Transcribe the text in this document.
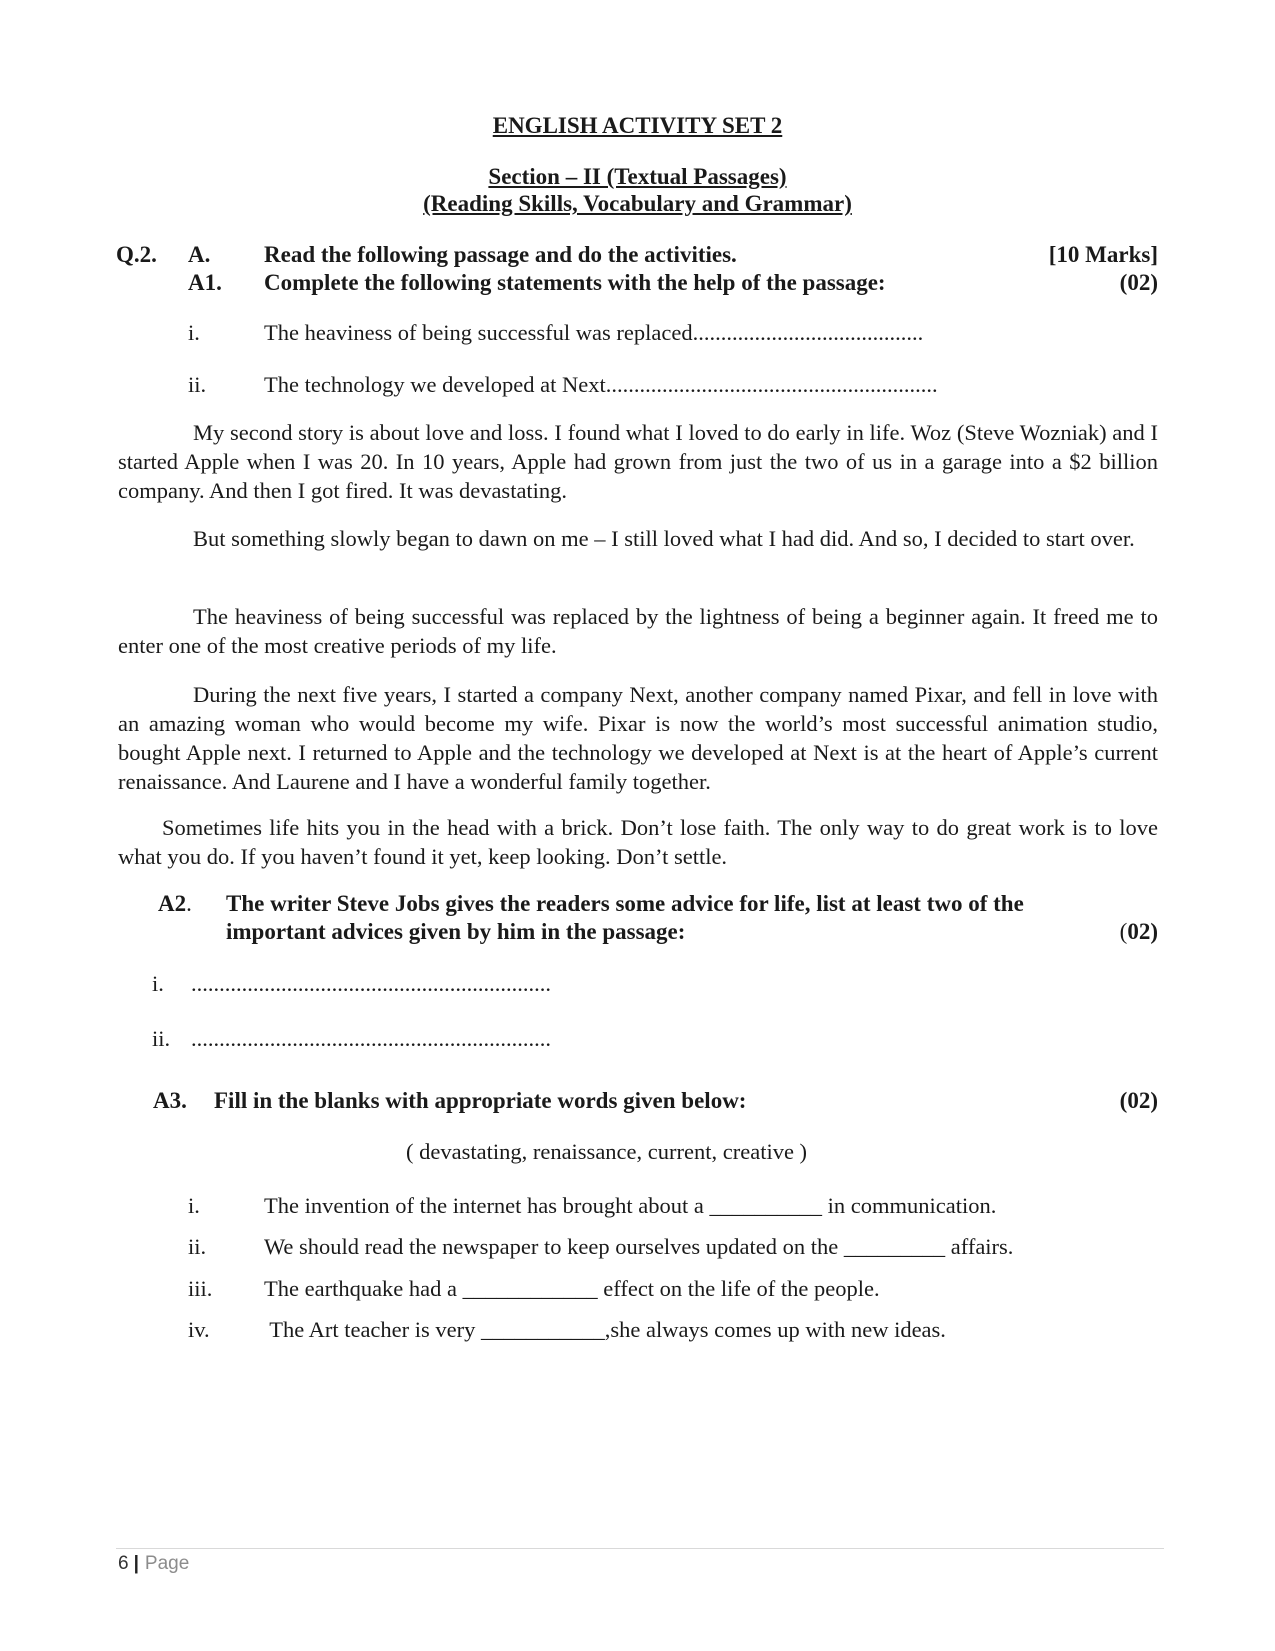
ENGLISH ACTIVITY SET 2
Section – II (Textual Passages)
(Reading Skills, Vocabulary and Grammar)
Q.2. A. Read the following passage and do the activities.	[10 Marks]
A1. Complete the following statements with the help of the passage:	(02)
i.	The heaviness of being successful was replaced.........................................
ii.	The technology we developed at Next...........................................................
My second story is about love and loss. I found what I loved to do early in life. Woz (Steve Wozniak) and I started Apple when I was 20. In 10 years, Apple had grown from just the two of us in a garage into a $2 billion company. And then I got fired. It was devastating.
But something slowly began to dawn on me – I still loved what I had did. And so, I decided to start over.
The heaviness of being successful was replaced by the lightness of being a beginner again. It freed me to enter one of the most creative periods of my life.
During the next five years, I started a company Next, another company named Pixar, and fell in love with an amazing woman who would become my wife. Pixar is now the world’s most successful animation studio, bought Apple next. I returned to Apple and the technology we developed at Next is at the heart of Apple’s current renaissance. And Laurene and I have a wonderful family together.
Sometimes life hits you in the head with a brick. Don’t lose faith. The only way to do great work is to love what you do. If you haven’t found it yet, keep looking. Don’t settle.
A2. The writer Steve Jobs gives the readers some advice for life, list at least two of the
important advices given by him in the passage:	(02)
i. ................................................................
ii. ................................................................
A3. Fill in the blanks with appropriate words given below:	(02)
( devastating, renaissance, current, creative )
i.	The invention of the internet has brought about a __________ in communication.
ii.	We should read the newspaper to keep ourselves updated on the _________ affairs.
iii. The earthquake had a ____________ effect on the life of the people.
iv. The Art teacher is very ___________,she always comes up with new ideas.
6 | Page
